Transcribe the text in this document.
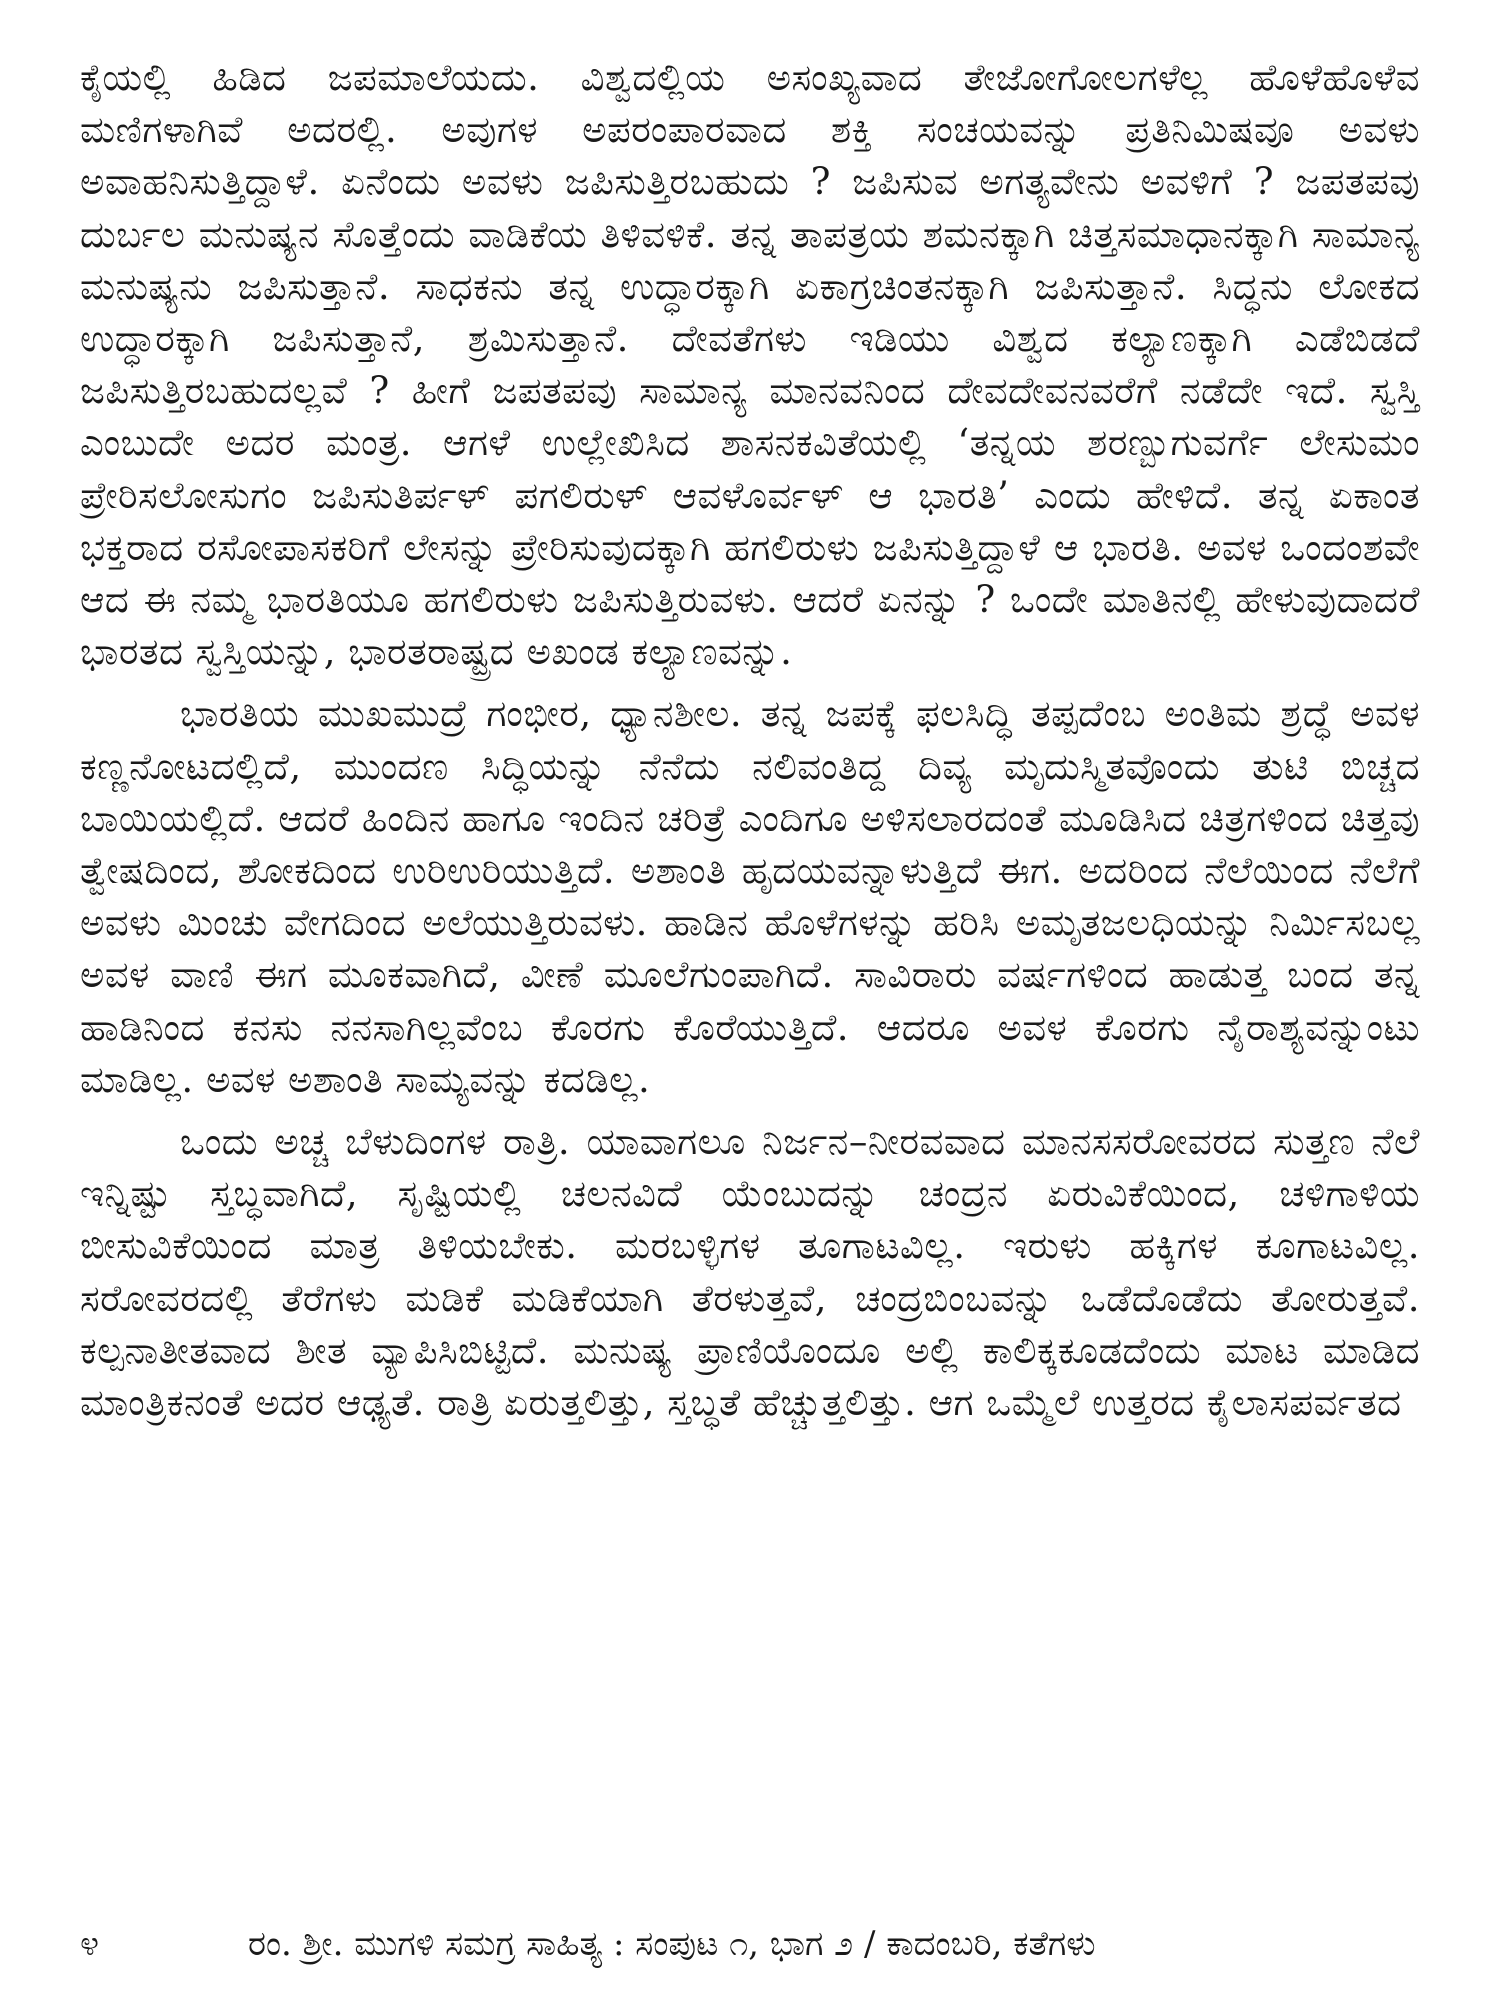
ಕೈಯಲ್ಲಿ ಹಿಡಿದ ಜಪಮಾಲೆಯದು. ವಿಶ್ವದಲ್ಲಿಯ ಅಸಂಖ್ಯವಾದ ತೇಜೋಗೋಲಗಳೆಲ್ಲ ಹೊಳೆಹೊಳೆವ ಮಣಿಗಳಾಗಿವೆ ಅದರಲ್ಲಿ. ಅವುಗಳ ಅಪರಂಪಾರವಾದ ಶಕ್ತಿ ಸಂಚಯವನ್ನು ಪ್ರತಿನಿಮಿಷವೂ ಅವಳು ಅವಾಹನಿಸುತ್ತಿದ್ದಾಳೆ. ಏನೆಂದು ಅವಳು ಜಪಿಸುತ್ತಿರಬಹುದು ? ಜಪಿಸುವ ಅಗತ್ಯವೇನು ಅವಳಿಗೆ ? ಜಪತಪವು ದುರ್ಬಲ ಮನುಷ್ಯನ ಸೊತ್ತೆಂದು ವಾಡಿಕೆಯ ತಿಳಿವಳಿಕೆ. ತನ್ನ ತಾಪತ್ರಯ ಶಮನಕ್ಕಾಗಿ ಚಿತ್ತಸಮಾಧಾನಕ್ಕಾಗಿ ಸಾಮಾನ್ಯ ಮನುಷ್ಯನು ಜಪಿಸುತ್ತಾನೆ. ಸಾಧಕನು ತನ್ನ ಉದ್ಧಾರಕ್ಕಾಗಿ ಏಕಾಗ್ರಚಿಂತನಕ್ಕಾಗಿ ಜಪಿಸುತ್ತಾನೆ. ಸಿದ್ಧನು ಲೋಕದ ಉದ್ಧಾರಕ್ಕಾಗಿ ಜಪಿಸುತ್ತಾನೆ, ಶ್ರಮಿಸುತ್ತಾನೆ. ದೇವತೆಗಳು ಇಡಿಯು ವಿಶ್ವದ ಕಲ್ಯಾಣಕ್ಕಾಗಿ ಎಡೆಬಿಡದೆ ಜಪಿಸುತ್ತಿರಬಹುದಲ್ಲವೆ ? ಹೀಗೆ ಜಪತಪವು ಸಾಮಾನ್ಯ ಮಾನವನಿಂದ ದೇವದೇವನವರೆಗೆ ನಡೆದೇ ಇದೆ. ಸ್ವಸ್ತಿ ಎಂಬುದೇ ಅದರ ಮಂತ್ರ. ಆಗಳೆ ಉಲ್ಲೇಖಿಸಿದ ಶಾಸನಕವಿತೆಯಲ್ಲಿ ‘ತನ್ನಯ ಶರಣ್ಬುಗುವರ್ಗೆ ಲೇಸುಮಂ ಪ್ರೇರಿಸಲೋಸುಗಂ ಜಪಿಸುತಿರ್ಪಳ್ ಪಗಲಿರುಳ್ ಆವಳೊರ್ವಳ್ ಆ ಭಾರತಿ’ ಎಂದು ಹೇಳಿದೆ. ತನ್ನ ಏಕಾಂತ ಭಕ್ತರಾದ ರಸೋಪಾಸಕರಿಗೆ ಲೇಸನ್ನು ಪ್ರೇರಿಸುವುದಕ್ಕಾಗಿ ಹಗಲಿರುಳು ಜಪಿಸುತ್ತಿದ್ದಾಳೆ ಆ ಭಾರತಿ. ಅವಳ ಒಂದಂಶವೇ ಆದ ಈ ನಮ್ಮ ಭಾರತಿಯೂ ಹಗಲಿರುಳು ಜಪಿಸುತ್ತಿರುವಳು. ಆದರೆ ಏನನ್ನು ? ಒಂದೇ ಮಾತಿನಲ್ಲಿ ಹೇಳುವುದಾದರೆ ಭಾರತದ ಸ್ವಸ್ತಿಯನ್ನು, ಭಾರತರಾಷ್ಟ್ರದ ಅಖಂಡ ಕಲ್ಯಾಣವನ್ನು.

ಭಾರತಿಯ ಮುಖಮುದ್ರೆ ಗಂಭೀರ, ಧ್ಯಾನಶೀಲ. ತನ್ನ ಜಪಕ್ಕೆ ಫಲಸಿದ್ಧಿ ತಪ್ಪದೆಂಬ ಅಂತಿಮ ಶ್ರದ್ಧೆ ಅವಳ ಕಣ್ಣನೋಟದಲ್ಲಿದೆ, ಮುಂದಣ ಸಿದ್ಧಿಯನ್ನು ನೆನೆದು ನಲಿವಂತಿದ್ದ ದಿವ್ಯ ಮೃದುಸ್ಮಿತವೊಂದು ತುಟಿ ಬಿಚ್ಚದ ಬಾಯಿಯಲ್ಲಿದೆ. ಆದರೆ ಹಿಂದಿನ ಹಾಗೂ ಇಂದಿನ ಚರಿತ್ರೆ ಎಂದಿಗೂ ಅಳಿಸಲಾರದಂತೆ ಮೂಡಿಸಿದ ಚಿತ್ರಗಳಿಂದ ಚಿತ್ತವು ತ್ವೇಷದಿಂದ, ಶೋಕದಿಂದ ಉರಿಉರಿಯುತ್ತಿದೆ. ಅಶಾಂತಿ ಹೃದಯವನ್ನಾಳುತ್ತಿದೆ ಈಗ. ಅದರಿಂದ ನೆಲೆಯಿಂದ ನೆಲೆಗೆ ಅವಳು ಮಿಂಚು ವೇಗದಿಂದ ಅಲೆಯುತ್ತಿರುವಳು. ಹಾಡಿನ ಹೊಳೆಗಳನ್ನು ಹರಿಸಿ ಅಮೃತಜಲಧಿಯನ್ನು ನಿರ್ಮಿಸಬಲ್ಲ ಅವಳ ವಾಣಿ ಈಗ ಮೂಕವಾಗಿದೆ, ವೀಣೆ ಮೂಲೆಗುಂಪಾಗಿದೆ. ಸಾವಿರಾರು ವರ್ಷಗಳಿಂದ ಹಾಡುತ್ತ ಬಂದ ತನ್ನ ಹಾಡಿನಿಂದ ಕನಸು ನನಸಾಗಿಲ್ಲವೆಂಬ ಕೊರಗು ಕೊರೆಯುತ್ತಿದೆ. ಆದರೂ ಅವಳ ಕೊರಗು ನೈರಾಶ್ಯವನ್ನುಂಟು ಮಾಡಿಲ್ಲ. ಅವಳ ಅಶಾಂತಿ ಸಾಮ್ಯವನ್ನು ಕದಡಿಲ್ಲ.

ಒಂದು ಅಚ್ಚ ಬೆಳುದಿಂಗಳ ರಾತ್ರಿ. ಯಾವಾಗಲೂ ನಿರ್ಜನ–ನೀರವವಾದ ಮಾನಸಸರೋವರದ ಸುತ್ತಣ ನೆಲೆ ಇನ್ನಿಷ್ಟು ಸ್ತಬ್ಧವಾಗಿದೆ, ಸೃಷ್ಟಿಯಲ್ಲಿ ಚಲನವಿದೆ ಯೆಂಬುದನ್ನು ಚಂದ್ರನ ಏರುವಿಕೆಯಿಂದ, ಚಳಿಗಾಳಿಯ ಬೀಸುವಿಕೆಯಿಂದ ಮಾತ್ರ ತಿಳಿಯಬೇಕು. ಮರಬಳ್ಳಿಗಳ ತೂಗಾಟವಿಲ್ಲ. ಇರುಳು ಹಕ್ಕಿಗಳ ಕೂಗಾಟವಿಲ್ಲ. ಸರೋವರದಲ್ಲಿ ತೆರೆಗಳು ಮಡಿಕೆ ಮಡಿಕೆಯಾಗಿ ತೆರಳುತ್ತವೆ, ಚಂದ್ರಬಿಂಬವನ್ನು ಒಡೆದೊಡೆದು ತೋರುತ್ತವೆ. ಕಲ್ಪನಾತೀತವಾದ ಶೀತ ವ್ಯಾಪಿಸಿಬಿಟ್ಟಿದೆ. ಮನುಷ್ಯ ಪ್ರಾಣಿಯೊಂದೂ ಅಲ್ಲಿ ಕಾಲಿಕ್ಕಕೂಡದೆಂದು ಮಾಟ ಮಾಡಿದ ಮಾಂತ್ರಿಕನಂತೆ ಅದರ ಆಢ್ಯತೆ. ರಾತ್ರಿ ಏರುತ್ತಲಿತ್ತು, ಸ್ತಬ್ಧತೆ ಹೆಚ್ಚುತ್ತಲಿತ್ತು. ಆಗ ಒಮ್ಮೆಲೆ ಉತ್ತರದ ಕೈಲಾಸಪರ್ವತದ

೪	ರಂ. ಶ್ರೀ. ಮುಗಳಿ ಸಮಗ್ರ ಸಾಹಿತ್ಯ : ಸಂಪುಟ ೧, ಭಾಗ ೨ / ಕಾದಂಬರಿ, ಕತೆಗಳು
